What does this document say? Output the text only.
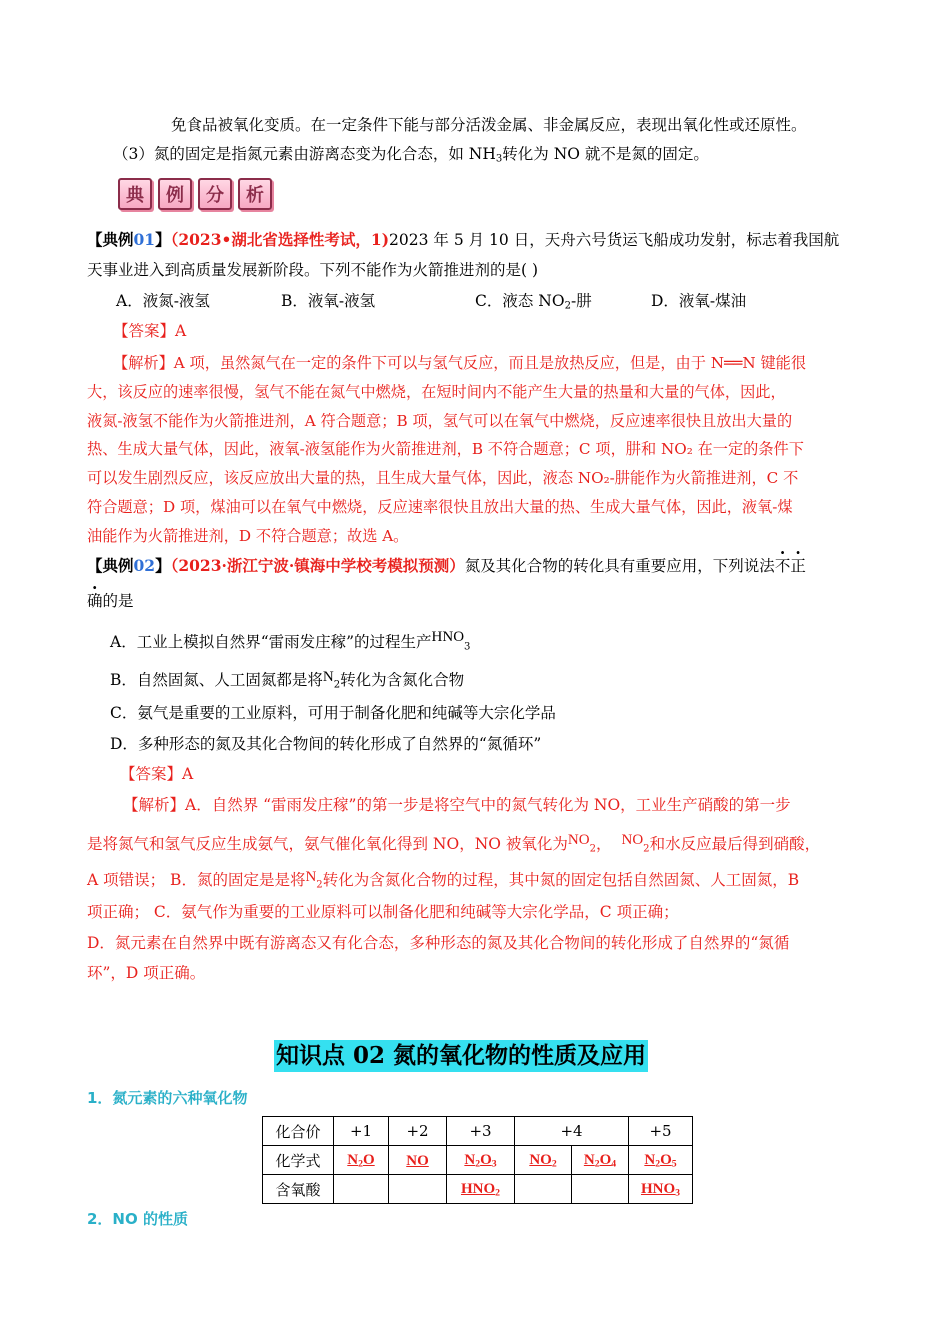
免食品被氧化变质。在一定条件下能与部分活泼金属、非金属反应，表现出氧化性或还原性。
（3）氮的固定是指氮元素由游离态变为化合态，如 $NH_3$转化为 NO 就不是氮的固定。
典	例	分	析
【典例01】（2023•湖北省选择性考试，1)2023 年 5 月 10 日，天舟六号货运飞船成功发射，标志着我国航
天事业进入到高质量发展新阶段。下列不能作为火箭推进剂的是( )
A．液氮-液氢	B．液氧-液氢	C．液态 $NO_2-$肼	D．液氧-煤油
【答案】A
【解析】A 项，虽然氮气在一定的条件下可以与氢气反应，而且是放热反应，但是，由于 N══N 键能很
大，该反应的速率很慢，氢气不能在氮气中燃烧，在短时间内不能产生大量的热量和大量的气体，因此，
液氮-液氢不能作为火箭推进剂，A 符合题意；B 项，氢气可以在氧气中燃烧，反应速率很快且放出大量的
热、生成大量气体，因此，液氧-液氢能作为火箭推进剂，B 不符合题意；C 项，肼和 NO₂ 在一定的条件下
可以发生剧烈反应，该反应放出大量的热，且生成大量气体，因此，液态 NO₂-肼能作为火箭推进剂，C 不
符合题意；D 项，煤油可以在氧气中燃烧，反应速率很快且放出大量的热、生成大量气体，因此，液氧-煤
油能作为火箭推进剂，D 不符合题意；故选 A。
【典例02】（2023·浙江宁波·镇海中学校考模拟预测）氮及其化合物的转化具有重要应用，下列说法不正
确的是
A．工业上模拟自然界“雷雨发庄稼”的过程生产$HNO_3$
B．自然固氮、人工固氮都是将$N_2$转化为含氮化合物
C．氨气是重要的工业原料，可用于制备化肥和纯碱等大宗化学品
D．多种形态的氮及其化合物间的转化形成了自然界的“氮循环”
【答案】A
【解析】A．自然界 “雷雨发庄稼”的第一步是将空气中的氮气转化为 NO，工业生产硝酸的第一步
是将氮气和氢气反应生成氨气，氨气催化氧化得到 NO，NO 被氧化为$NO_2$， $NO_2$和水反应最后得到硝酸，
A 项错误； B．氮的固定是是将$N_2$转化为含氮化合物的过程，其中氮的固定包括自然固氮、人工固氮，B
项正确； C．氨气作为重要的工业原料可以制备化肥和纯碱等大宗化学品，C 项正确；
D．氮元素在自然界中既有游离态又有化合态，多种形态的氮及其化合物间的转化形成了自然界的“氮循
环”，D 项正确。
知识点 02 氮的氧化物的性质及应用
1．氮元素的六种氧化物
化合价	+1	+2	+3	+4		+5
化学式	$N_2O$	NO	$N_2O_3$	$NO_2$	$N_2O_4$	$N_2O_5$
含氧酸			$HNO_2$			$HNO_3$
2．NO 的性质
